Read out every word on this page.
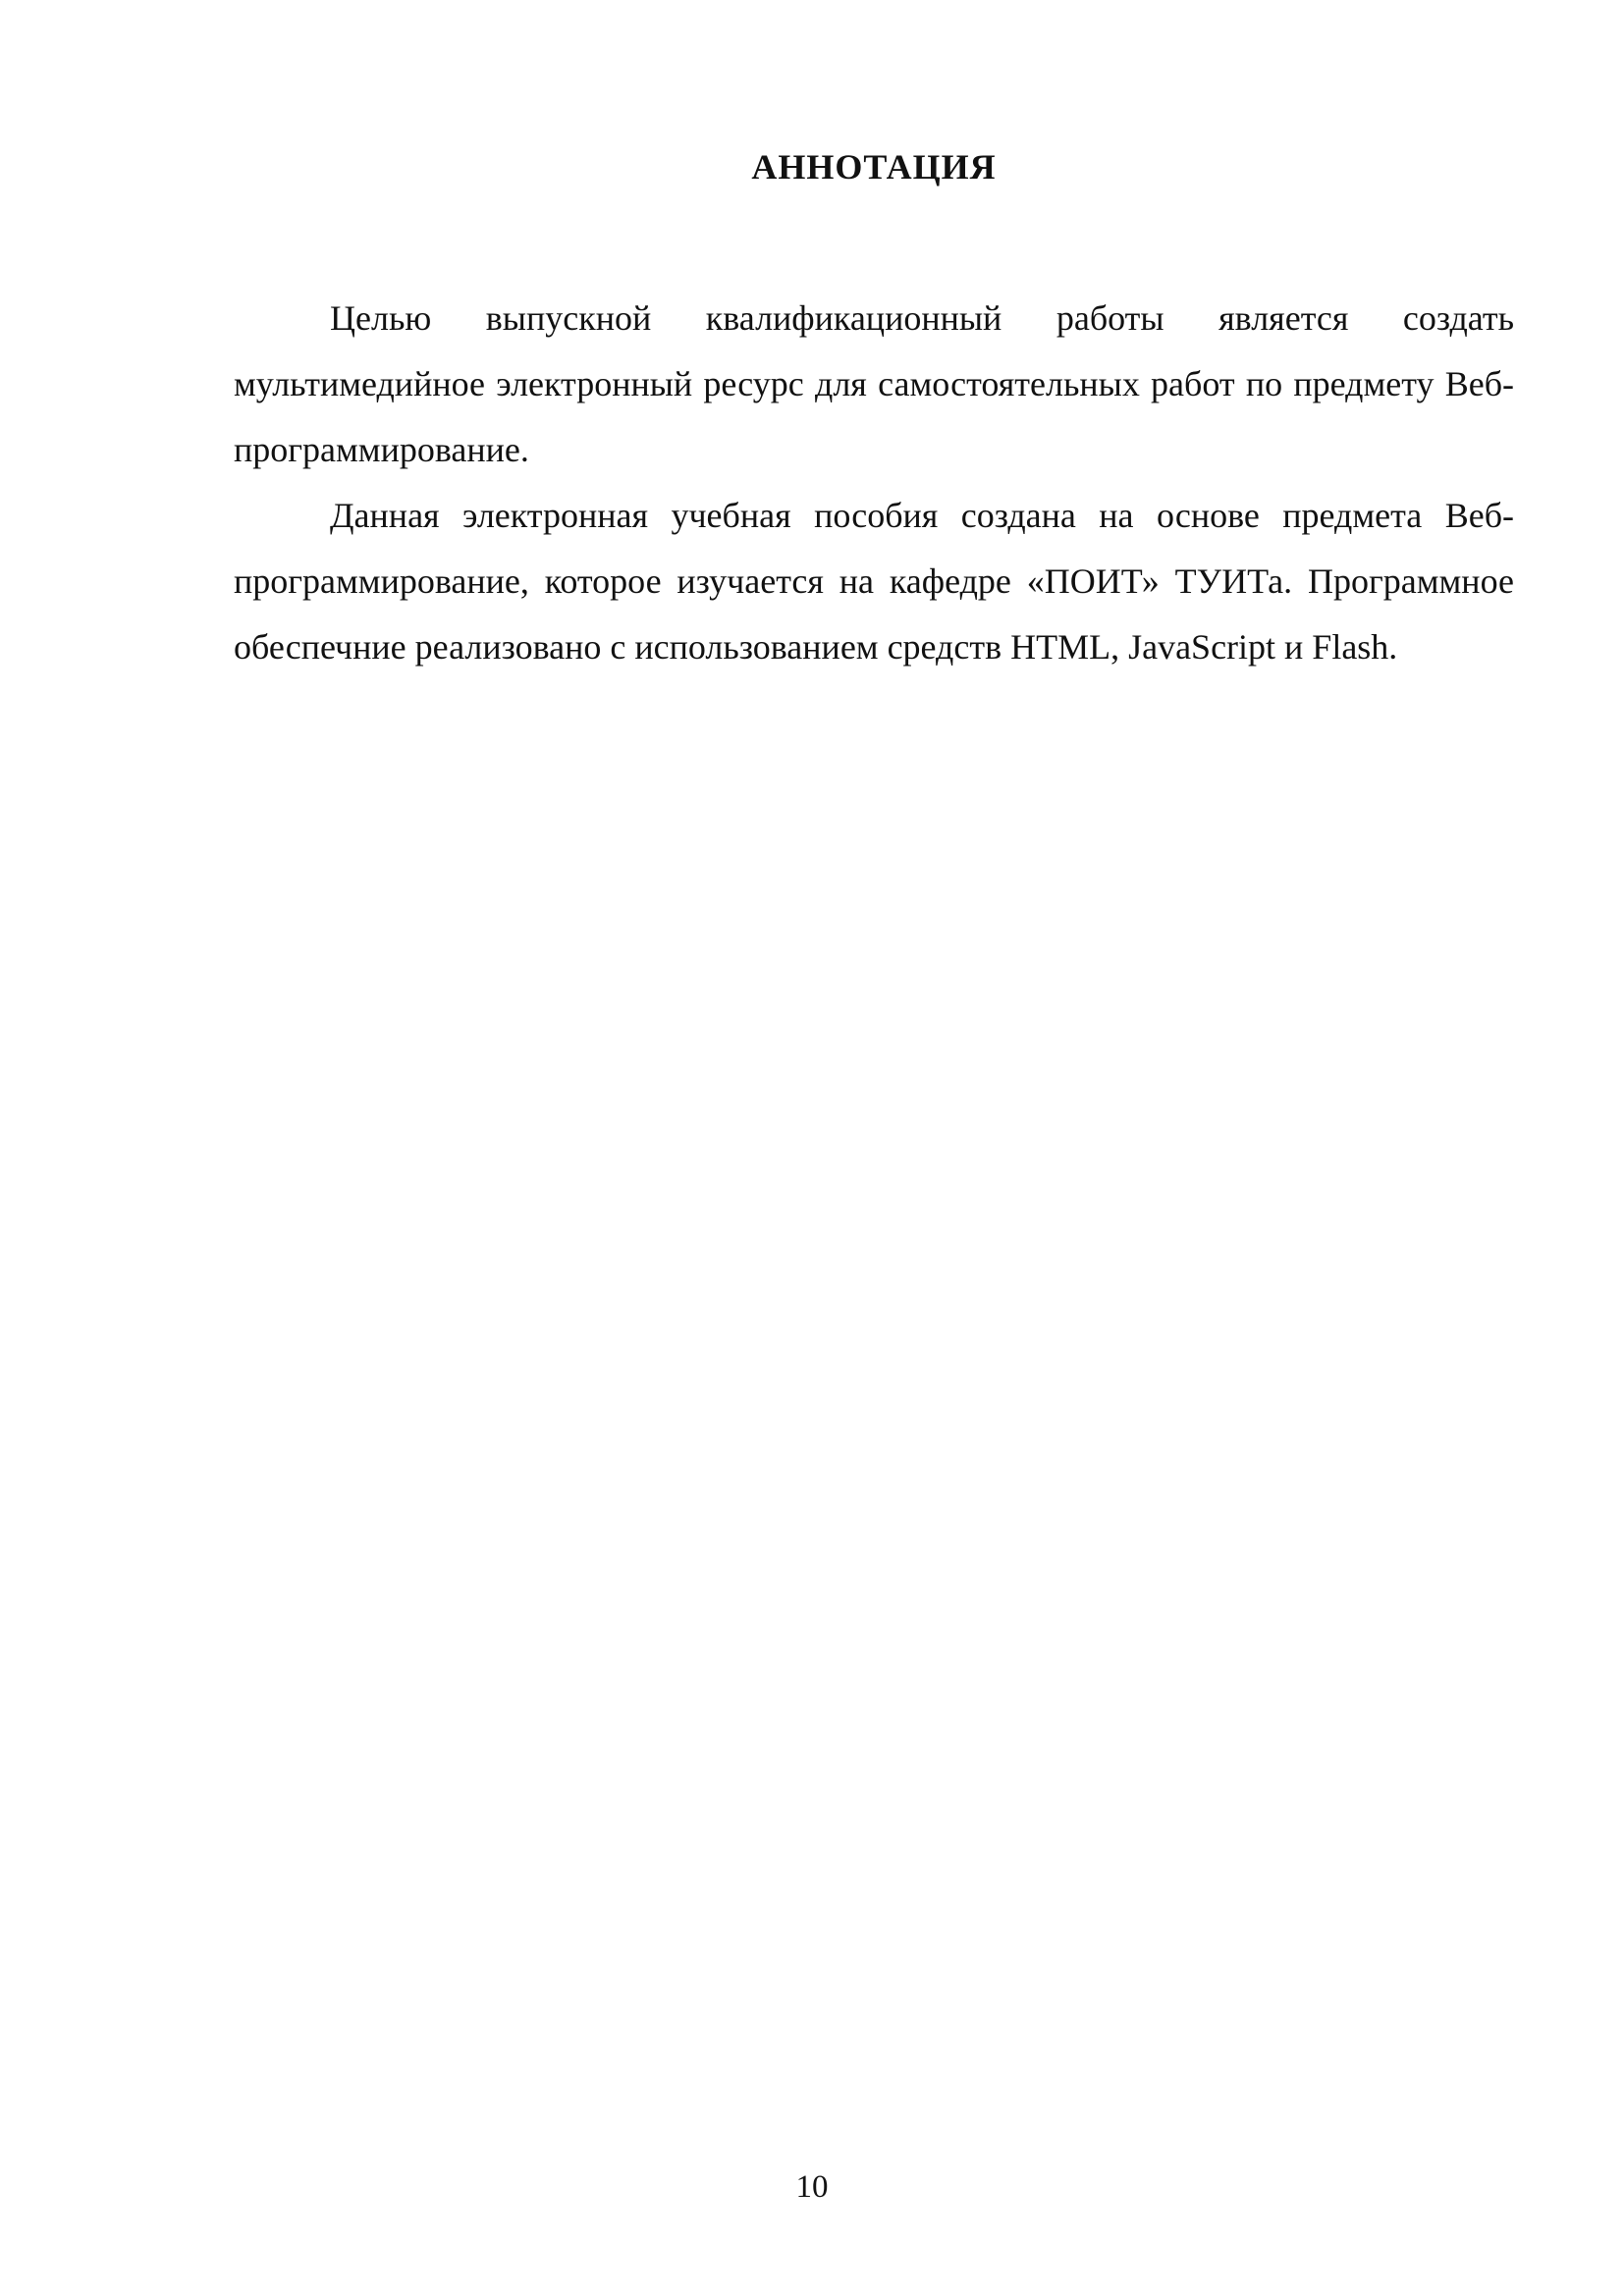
АННОТАЦИЯ

Целью выпускной квалификационный работы является создать мультимедийное электронный ресурс для самостоятельных работ по предмету Веб-программирование.

Данная электронная учебная пособия создана на основе предмета Веб-программирование, которое изучается на кафедре «ПОИТ» ТУИТа. Программное обеспечние реализовано с использованием средств HTML, JavaScript и Flash.

10
